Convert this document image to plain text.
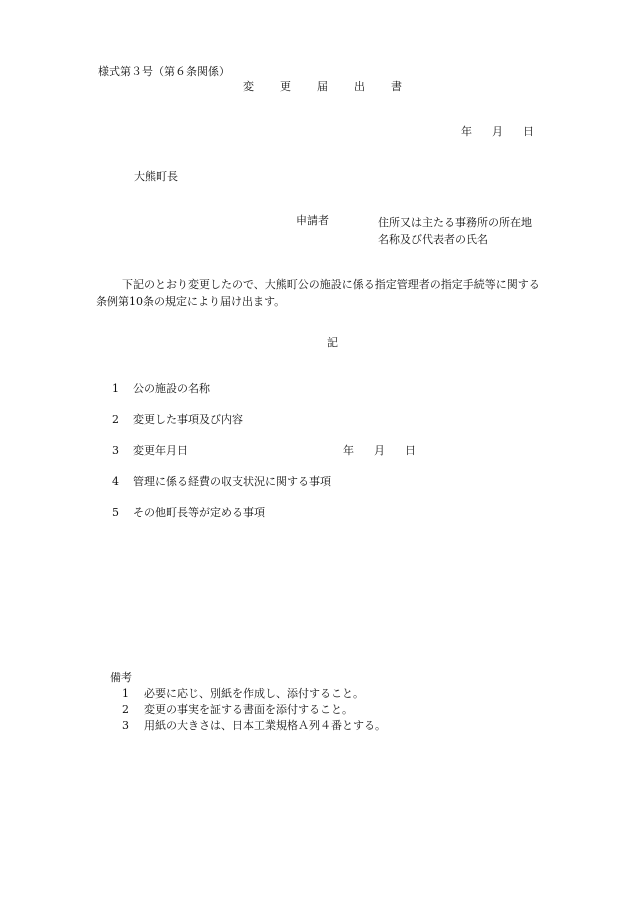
様式第３号（第６条関係）
変 更 届 出 書
年 月 日
大熊町長
申請者	住所又は主たる事務所の所在地
名称及び代表者の氏名
下記のとおり変更したので、大熊町公の施設に係る指定管理者の指定手続等に関する
条例第10条の規定により届け出ます。
記
1	公の施設の名称
2	変更した事項及び内容
3	変更年月日	年 月 日
4	管理に係る経費の収支状況に関する事項
5	その他町長等が定める事項
備考
1	必要に応じ、別紙を作成し、添付すること。
2	変更の事実を証する書面を添付すること。
3	用紙の大きさは、日本工業規格Ａ列４番とする。
